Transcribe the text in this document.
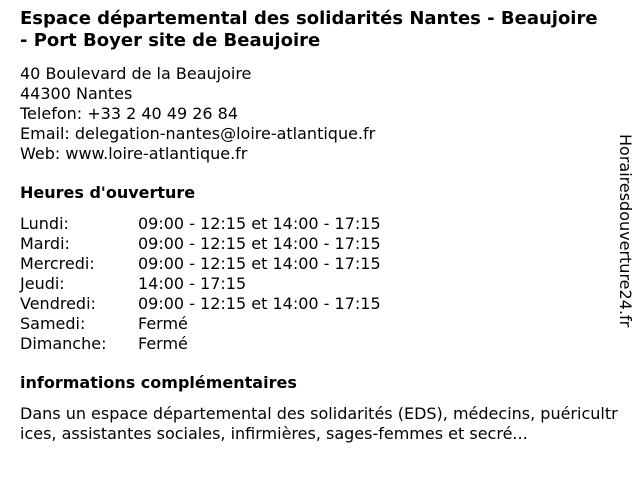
Espace départemental des solidarités Nantes - Beaujoire - Port Boyer site de Beaujoire
40 Boulevard de la Beaujoire
44300 Nantes
Telefon: +33 2 40 49 26 84
Email: delegation-nantes@loire-atlantique.fr
Web: www.loire-atlantique.fr
Heures d'ouverture
Lundi:	09:00 - 12:15 et 14:00 - 17:15
Mardi:	09:00 - 12:15 et 14:00 - 17:15
Mercredi:	09:00 - 12:15 et 14:00 - 17:15
Jeudi:	14:00 - 17:15
Vendredi:	09:00 - 12:15 et 14:00 - 17:15
Samedi:	Fermé
Dimanche:	Fermé
informations complémentaires
Dans un espace départemental des solidarités (EDS), médecins, puéricultrices, assistantes sociales, infirmières, sages-femmes et secré...
Horairesdouverture24.fr
